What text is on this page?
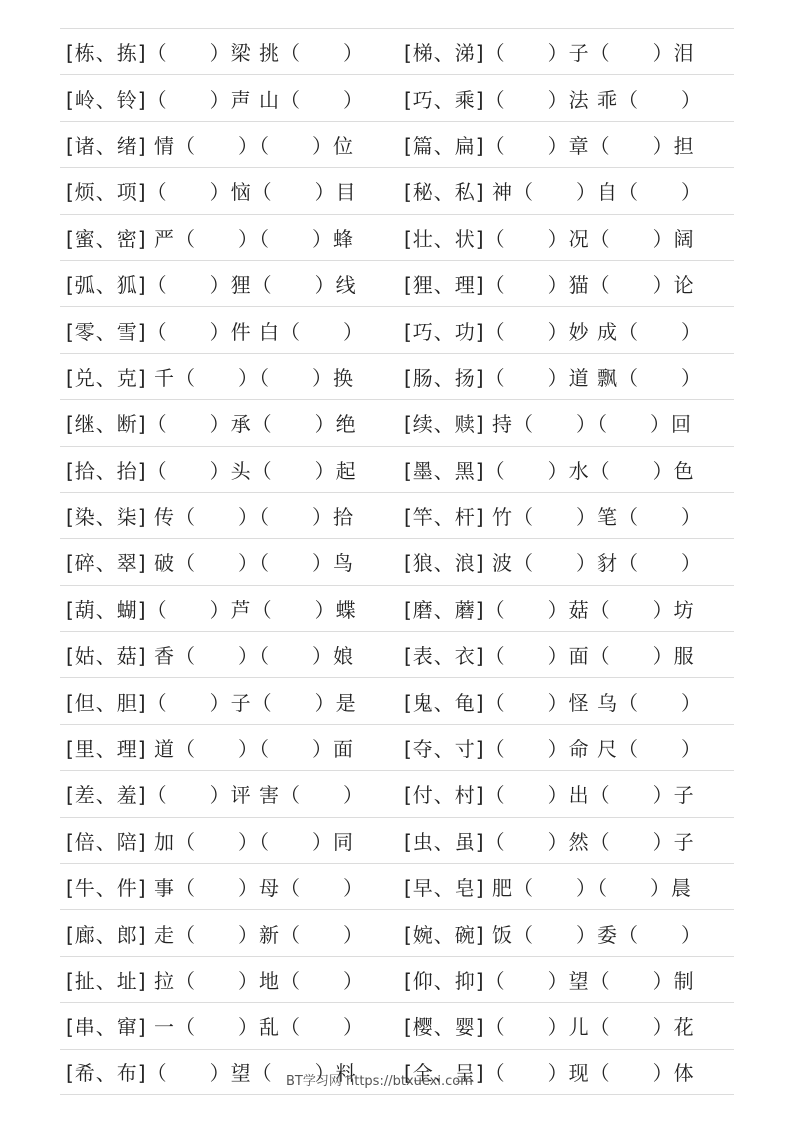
[栋、拣]（　　）梁 挑（　　）	[梯、涕]（　　）子（　　）泪
[岭、铃]（　　）声 山（　　）	[巧、乘]（　　）法 乖（　　）
[诸、绪] 情（　　）（　　）位	[篇、扁]（　　）章（　　）担
[烦、项]（　　）恼（　　）目	[秘、私] 神（　　）自（　　）
[蜜、密] 严（　　）（　　）蜂	[壮、状]（　　）况（　　）阔
[弧、狐]（　　）狸（　　）线	[狸、理]（　　）猫（　　）论
[零、雪]（　　）件 白（　　）	[巧、功]（　　）妙 成（　　）
[兑、克] 千（　　）（　　）换	[肠、扬]（　　）道 飘（　　）
[继、断]（　　）承（　　）绝	[续、赎] 持（　　）（　　）回
[拾、抬]（　　）头（　　）起	[墨、黑]（　　）水（　　）色
[染、柒] 传（　　）（　　）拾	[竿、杆] 竹（　　）笔（　　）
[碎、翠] 破（　　）（　　）鸟	[狼、浪] 波（　　）豺（　　）
[葫、蝴]（　　）芦（　　）蝶	[磨、蘑]（　　）菇（　　）坊
[姑、菇] 香（　　）（　　）娘	[表、衣]（　　）面（　　）服
[但、胆]（　　）子（　　）是	[鬼、龟]（　　）怪 乌（　　）
[里、理] 道（　　）（　　）面	[夺、寸]（　　）命 尺（　　）
[差、羞]（　　）评 害（　　）	[付、村]（　　）出（　　）子
[倍、陪] 加（　　）（　　）同	[虫、虽]（　　）然（　　）子
[牛、件] 事（　　）母（　　）	[早、皂] 肥（　　）（　　）晨
[廊、郎] 走（　　）新（　　）	[婉、碗] 饭（　　）委（　　）
[扯、址] 拉（　　）地（　　）	[仰、抑]（　　）望（　　）制
[串、窜] 一（　　）乱（　　）	[樱、婴]（　　）儿（　　）花
[希、布]（　　）望（　　）料	[全、呈]（　　）现（　　）体
BT学习网 https://btxuexi.com
